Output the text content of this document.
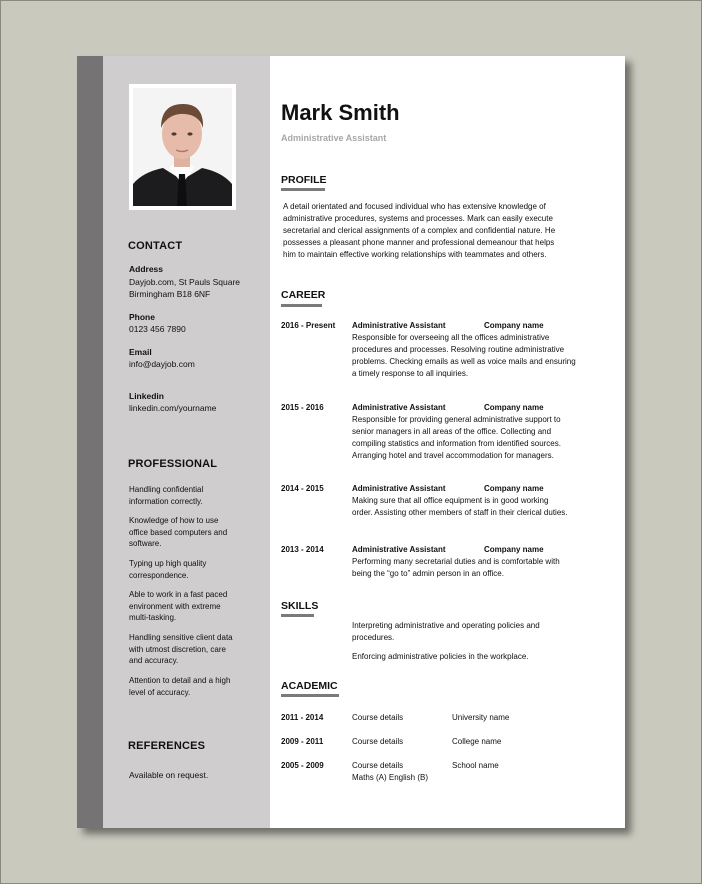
CONTACT
Address
Dayjob.com, St Pauls Square
Birmingham B18 6NF
Phone
0123 456 7890
Email
info@dayjob.com
Linkedin
linkedin.com/yourname
PROFESSIONAL
Handling confidential
information correctly.
Knowledge of how to use
office based computers and
software.
Typing up high quality
correspondence.
Able to work in a fast paced
environment with extreme
multi-tasking.
Handling sensitive client data
with utmost discretion, care
and accuracy.
Attention to detail and a high
level of accuracy.
REFERENCES
Available on request.
Mark Smith
Administrative Assistant
PROFILE
A detail orientated and focused individual who has extensive knowledge of
administrative procedures, systems and processes. Mark can easily execute
secretarial and clerical assignments of a complex and confidential nature. He
possesses a pleasant phone manner and professional demeanour that helps
him to maintain effective working relationships with teammates and others.
CAREER
2016 - Present Administrative Assistant	Company name
Responsible for overseeing all the offices administrative
procedures and processes. Resolving routine administrative
problems. Checking emails as well as voice mails and ensuring
a timely response to all inquiries.
2015 - 2016	Administrative Assistant	Company name
Responsible for providing general administrative support to
senior managers in all areas of the office. Collecting and
compiling statistics and information from identified sources.
Arranging hotel and travel accommodation for managers.
2014 - 2015	Administrative Assistant	Company name
Making sure that all office equipment is in good working
order. Assisting other members of staff in their clerical duties.
2013 - 2014	Administrative Assistant	Company name
Performing many secretarial duties and is comfortable with
being the “go to” admin person in an office.
SKILLS
Interpreting administrative and operating policies and
procedures.
Enforcing administrative policies in the workplace.
ACADEMIC
2011 - 2014	Course details	University name
2009 - 2011	Course details	College name
2005 - 2009	Course details	School name
Maths (A) English (B)
